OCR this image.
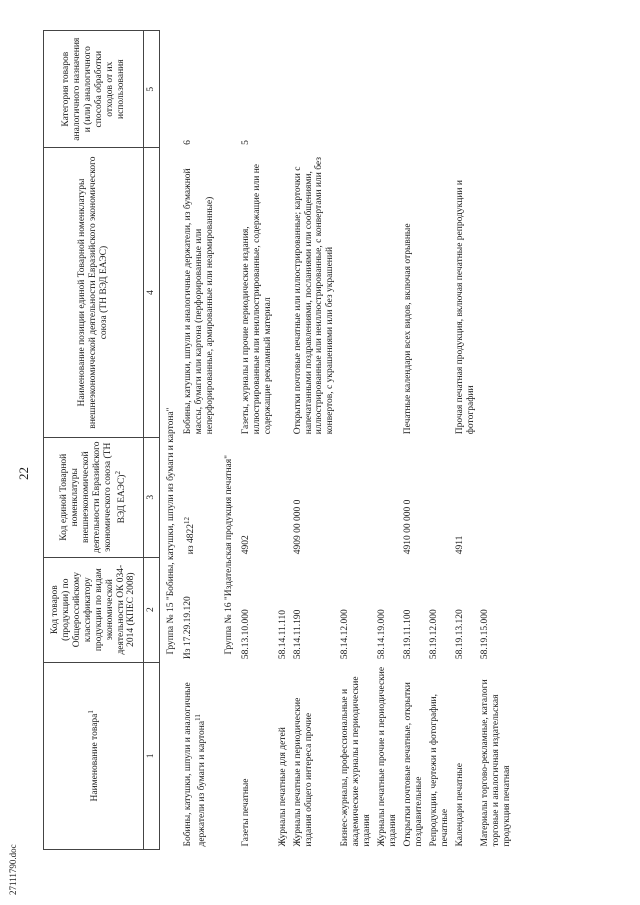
22
Наименование товара$^1$	Код товаров (продукции) по Общероссийскому классификатору продукции по видам экономической деятельности ОК 034-2014 (КПЕС 2008)	Код единой Товарной номенклатуры внешнеэкономической деятельности Евразийского экономического союза (ТН ВЭД ЕАЭС)$^2$	Наименование позиции единой Товарной номенклатуры внешнеэкономической деятельности Евразийского экономического союза (ТН ВЭД ЕАЭС)	Категория товаров аналогичного назначения и (или) аналогичного способа обработки отходов от их использования
1	2	3	4	5
Группа № 15 "Бобины, катушки, шпули из бумаги и картона"				
Бобины, катушки, шпули и аналогичные держатели из бумаги и картона$^{11}$	Из 17.29.19.120	из 4822$^{12}$	Бобины, катушки, шпули и аналогичные держатели, из бумажной массы, бумаги или картона (перфорированные или неперфорированные, армированные или неармированные)	6
Группа № 16 "Издательская продукция печатная"				
Газеты печатные	58.13.10.000	4902	Газеты, журналы и прочие периодические издания, иллюстрированные или неиллюстрированные, содержащие или не содержащие рекламный материал	5
Журналы печатные для детей	58.14.11.110			
Журналы печатные и периодические издания общего интереса прочие	58.14.11.190	4909 00 000 0	Открытки почтовые печатные или иллюстрированные; карточки с напечатанными поздравлениями, посланиями или сообщениями, иллюстрированные или неиллюстрированные, с конвертами или без конвертов, с украшениями или без украшений	
Бизнес-журналы, профессиональные и академические журналы и периодические издания	58.14.12.000			
Журналы печатные прочие и периодические издания	58.14.19.000			
Открытки почтовые печатные, открытки поздравительные	58.19.11.100	4910 00 000 0	Печатные календари всех видов, включая отрывные	
Репродукции, чертежи и фотографии, печатные	58.19.12.000			
Календари печатные	58.19.13.120	4911	Прочая печатная продукция, включая печатные репродукции и фотографии	
Материалы торгово-рекламные, каталоги торговые и аналогичная издательская продукция печатная	58.19.15.000			
27111790.doc
